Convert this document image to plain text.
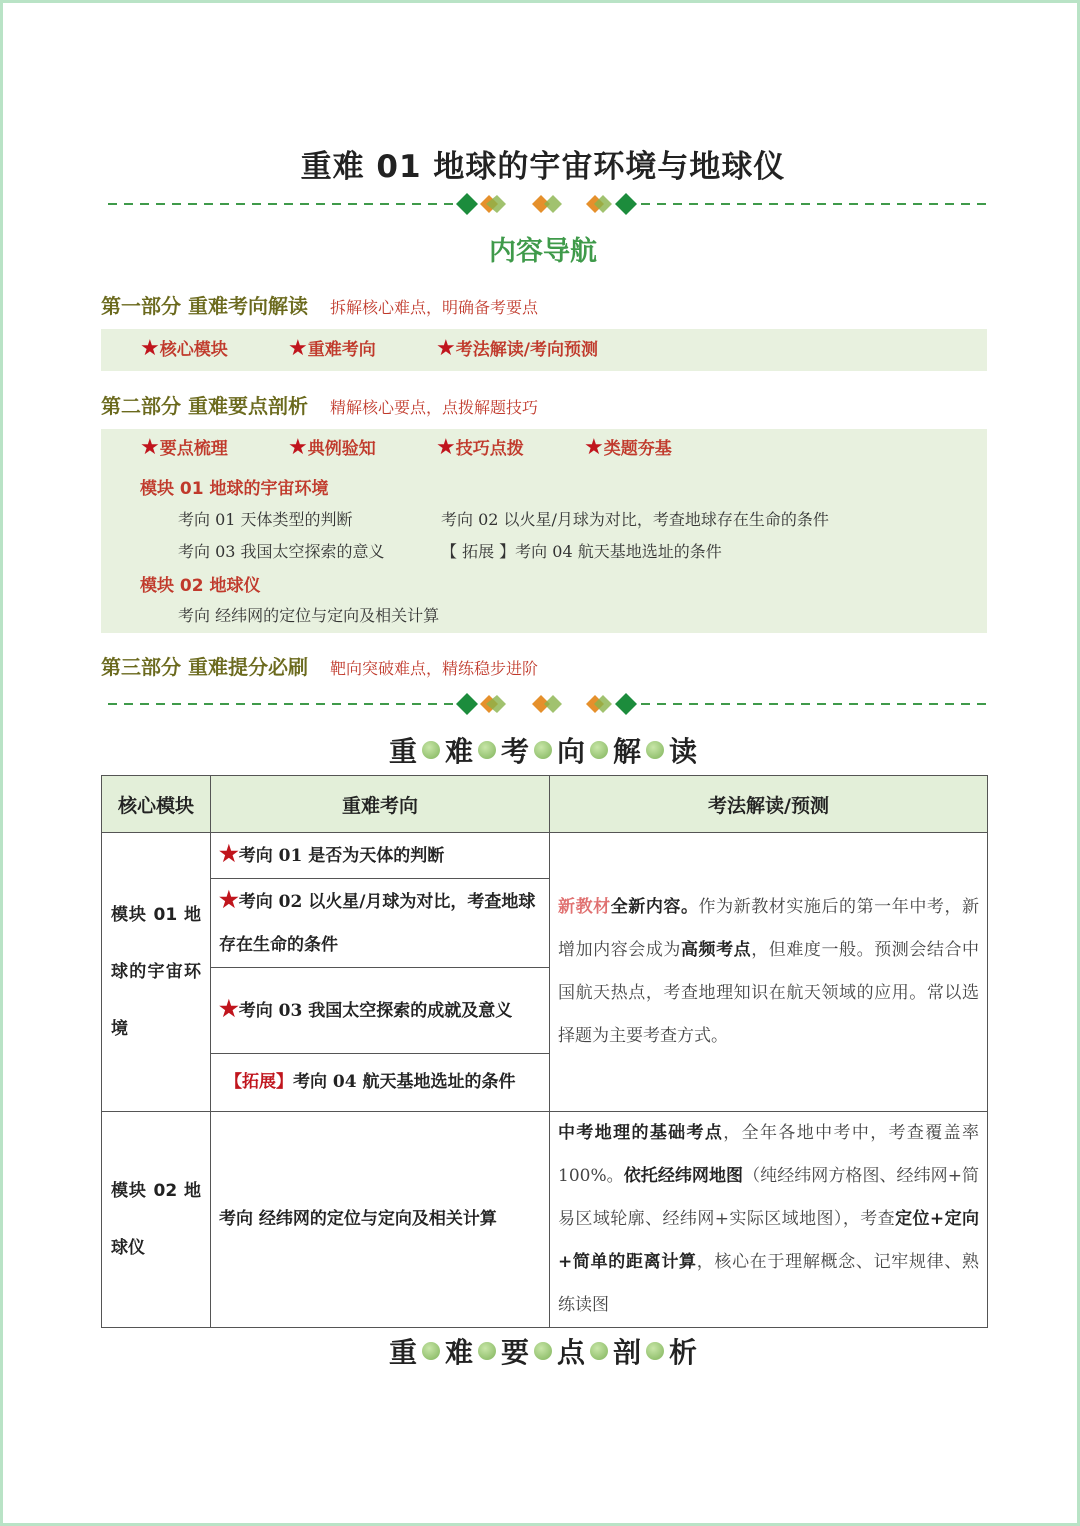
重难 01 地球的宇宙环境与地球仪
内容导航
第一部分 重难考向解读 拆解核心难点，明确备考要点
★核心模块	★重难考向	★考法解读/考向预测
第二部分 重难要点剖析 精解核心要点，点拨解题技巧
★要点梳理	★典例验知	★技巧点拨	★类题夯基
模块 01 地球的宇宙环境
考向 01 天体类型的判断	考向 02 以火星/月球为对比，考查地球存在生命的条件
考向 03 我国太空探索的意义	【 拓展 】考向 04 航天基地选址的条件
模块 02 地球仪
考向 经纬网的定位与定向及相关计算
第三部分 重难提分必刷 靶向突破难点，精练稳步进阶
重 难 考 向 解 读
核心模块	重难考向	考法解读/预测
模块 01 地球的宇宙环境	★考向 01 是否为天体的判断	新教材全新内容。作为新教材实施后的第一年中考，新增加内容会成为高频考点，但难度一般。预测会结合中国航天热点，考查地理知识在航天领域的应用。常以选择题为主要考查方式。
	★考向 02 以火星/月球为对比，考查地球存在生命的条件	
	★考向 03 我国太空探索的成就及意义	
	【拓展】考向 04 航天基地选址的条件	
模块 02 地球仪	考向 经纬网的定位与定向及相关计算	中考地理的基础考点，全年各地中考中，考查覆盖率 100%。依托经纬网地图（纯经纬网方格图、经纬网+简易区域轮廓、经纬网+实际区域地图），考查定位+定向+简单的距离计算，核心在于理解概念、记牢规律、熟练读图
重 难 要 点 剖 析
